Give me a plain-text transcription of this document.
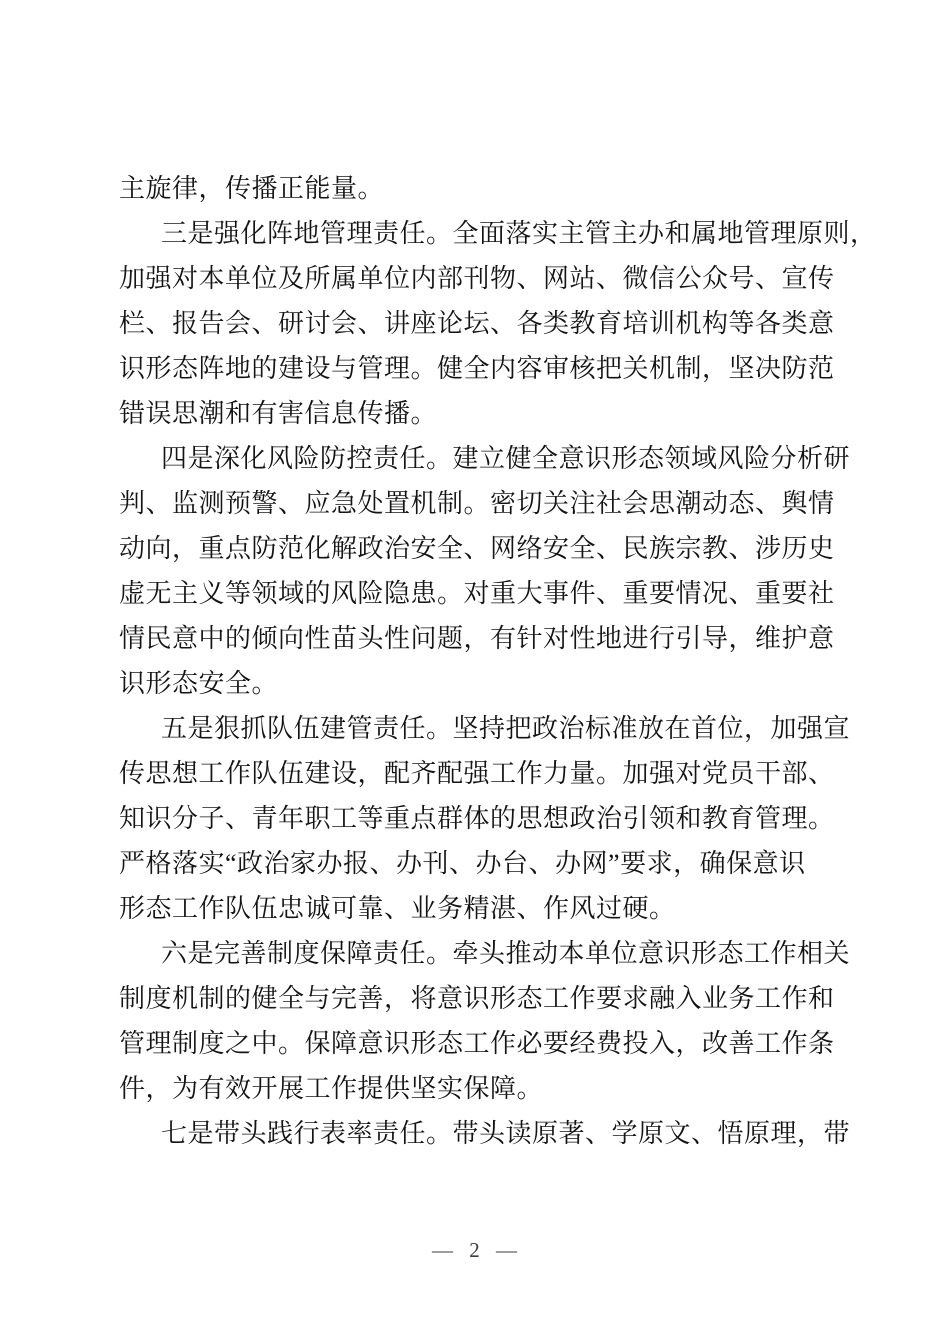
主旋律，传播正能量。
三是强化阵地管理责任。全面落实主管主办和属地管理原则，
加强对本单位及所属单位内部刊物、网站、微信公众号、宣传
栏、报告会、研讨会、讲座论坛、各类教育培训机构等各类意
识形态阵地的建设与管理。健全内容审核把关机制，坚决防范
错误思潮和有害信息传播。
四是深化风险防控责任。建立健全意识形态领域风险分析研
判、监测预警、应急处置机制。密切关注社会思潮动态、舆情
动向，重点防范化解政治安全、网络安全、民族宗教、涉历史
虚无主义等领域的风险隐患。对重大事件、重要情况、重要社
情民意中的倾向性苗头性问题，有针对性地进行引导，维护意
识形态安全。
五是狠抓队伍建管责任。坚持把政治标准放在首位，加强宣
传思想工作队伍建设，配齐配强工作力量。加强对党员干部、
知识分子、青年职工等重点群体的思想政治引领和教育管理。
严格落实“政治家办报、办刊、办台、办网”要求，确保意识
形态工作队伍忠诚可靠、业务精湛、作风过硬。
六是完善制度保障责任。牵头推动本单位意识形态工作相关
制度机制的健全与完善，将意识形态工作要求融入业务工作和
管理制度之中。保障意识形态工作必要经费投入，改善工作条
件，为有效开展工作提供坚实保障。
七是带头践行表率责任。带头读原著、学原文、悟原理，带
— 2 —
